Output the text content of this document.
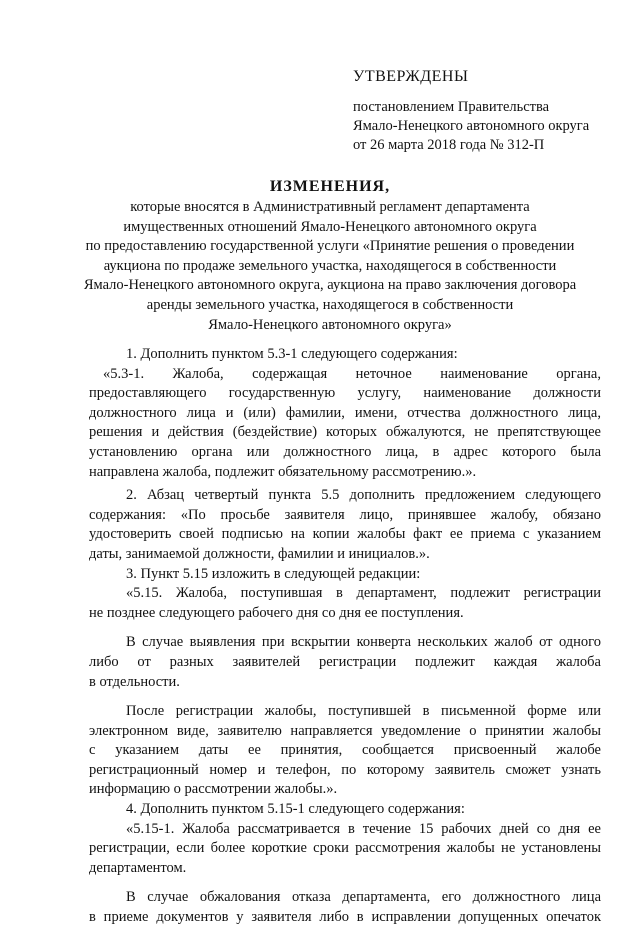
УТВЕРЖДЕНЫ
постановлением Правительства
Ямало-Ненецкого автономного округа
от 26 марта 2018 года № 312-П
ИЗМЕНЕНИЯ,
которые вносятся в Административный регламент департамента
имущественных отношений Ямало-Ненецкого автономного округа
по предоставлению государственной услуги «Принятие решения о проведении
аукциона по продаже земельного участка, находящегося в собственности
Ямало-Ненецкого автономного округа, аукциона на право заключения договора
аренды земельного участка, находящегося в собственности
Ямало-Ненецкого автономного округа»
1. Дополнить пунктом 5.3-1 следующего содержания:
«5.3-1. Жалоба, содержащая неточное наименование органа,
предоставляющего государственную услугу, наименование должности
должностного лица и (или) фамилии, имени, отчества должностного лица,
решения и действия (бездействие) которых обжалуются, не препятствующее
установлению органа или должностного лица, в адрес которого была
направлена жалоба, подлежит обязательному рассмотрению.».
2. Абзац четвертый пункта 5.5 дополнить предложением следующего
содержания: «По просьбе заявителя лицо, принявшее жалобу, обязано
удостоверить своей подписью на копии жалобы факт ее приема с указанием
даты, занимаемой должности, фамилии и инициалов.».
3. Пункт 5.15 изложить в следующей редакции:
«5.15. Жалоба, поступившая в департамент, подлежит регистрации
не позднее следующего рабочего дня со дня ее поступления.
В случае выявления при вскрытии конверта нескольких жалоб от одного
либо от разных заявителей регистрации подлежит каждая жалоба
в отдельности.
После регистрации жалобы, поступившей в письменной форме или
электронном виде, заявителю направляется уведомление о принятии жалобы
с указанием даты ее принятия, сообщается присвоенный жалобе
регистрационный номер и телефон, по которому заявитель сможет узнать
информацию о рассмотрении жалобы.».
4. Дополнить пунктом 5.15-1 следующего содержания:
«5.15-1. Жалоба рассматривается в течение 15 рабочих дней со дня ее
регистрации, если более короткие сроки рассмотрения жалобы не установлены
департаментом.
В случае обжалования отказа департамента, его должностного лица
в приеме документов у заявителя либо в исправлении допущенных опечаток
